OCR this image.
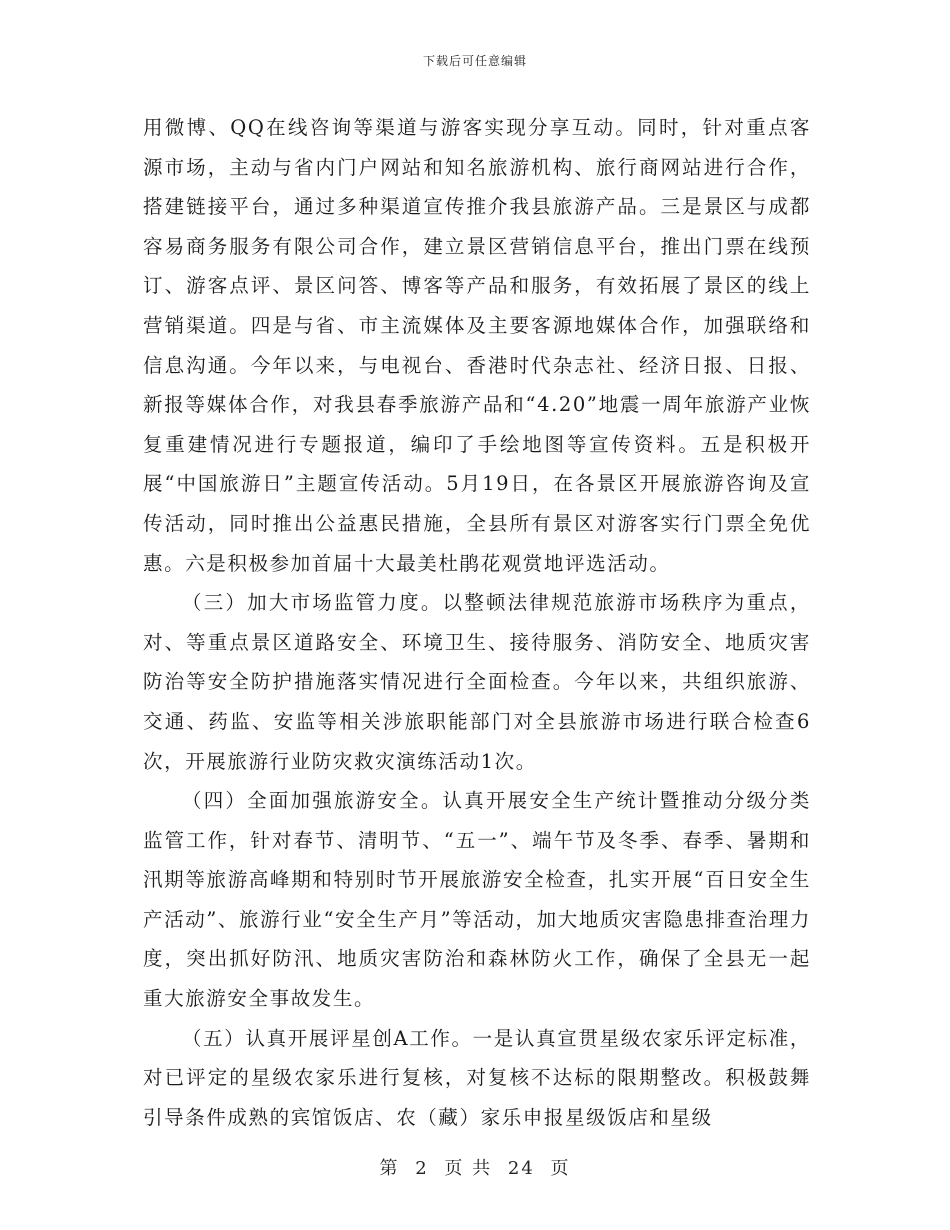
下载后可任意编辑

用微博、QQ在线咨询等渠道与游客实现分享互动。同时，针对重点客源市场，主动与省内门户网站和知名旅游机构、旅行商网站进行合作，搭建链接平台，通过多种渠道宣传推介我县旅游产品。三是景区与成都容易商务服务有限公司合作，建立景区营销信息平台，推出门票在线预订、游客点评、景区问答、博客等产品和服务，有效拓展了景区的线上营销渠道。四是与省、市主流媒体及主要客源地媒体合作，加强联络和信息沟通。今年以来，与电视台、香港时代杂志社、经济日报、日报、新报等媒体合作，对我县春季旅游产品和“4.20”地震一周年旅游产业恢复重建情况进行专题报道，编印了手绘地图等宣传资料。五是积极开展“中国旅游日”主题宣传活动。5月19日，在各景区开展旅游咨询及宣传活动，同时推出公益惠民措施，全县所有景区对游客实行门票全免优惠。六是积极参加首届十大最美杜鹃花观赏地评选活动。

（三）加大市场监管力度。以整顿法律规范旅游市场秩序为重点，对、等重点景区道路安全、环境卫生、接待服务、消防安全、地质灾害防治等安全防护措施落实情况进行全面检查。今年以来，共组织旅游、交通、药监、安监等相关涉旅职能部门对全县旅游市场进行联合检查6次，开展旅游行业防灾救灾演练活动1次。

（四）全面加强旅游安全。认真开展安全生产统计暨推动分级分类监管工作，针对春节、清明节、“五一”、端午节及冬季、春季、暑期和汛期等旅游高峰期和特别时节开展旅游安全检查，扎实开展“百日安全生产活动”、旅游行业“安全生产月”等活动，加大地质灾害隐患排查治理力度，突出抓好防汛、地质灾害防治和森林防火工作，确保了全县无一起重大旅游安全事故发生。

（五）认真开展评星创A工作。一是认真宣贯星级农家乐评定标准，对已评定的星级农家乐进行复核，对复核不达标的限期整改。积极鼓舞引导条件成熟的宾馆饭店、农（藏）家乐申报星级饭店和星级

第 2 页 共 24 页
